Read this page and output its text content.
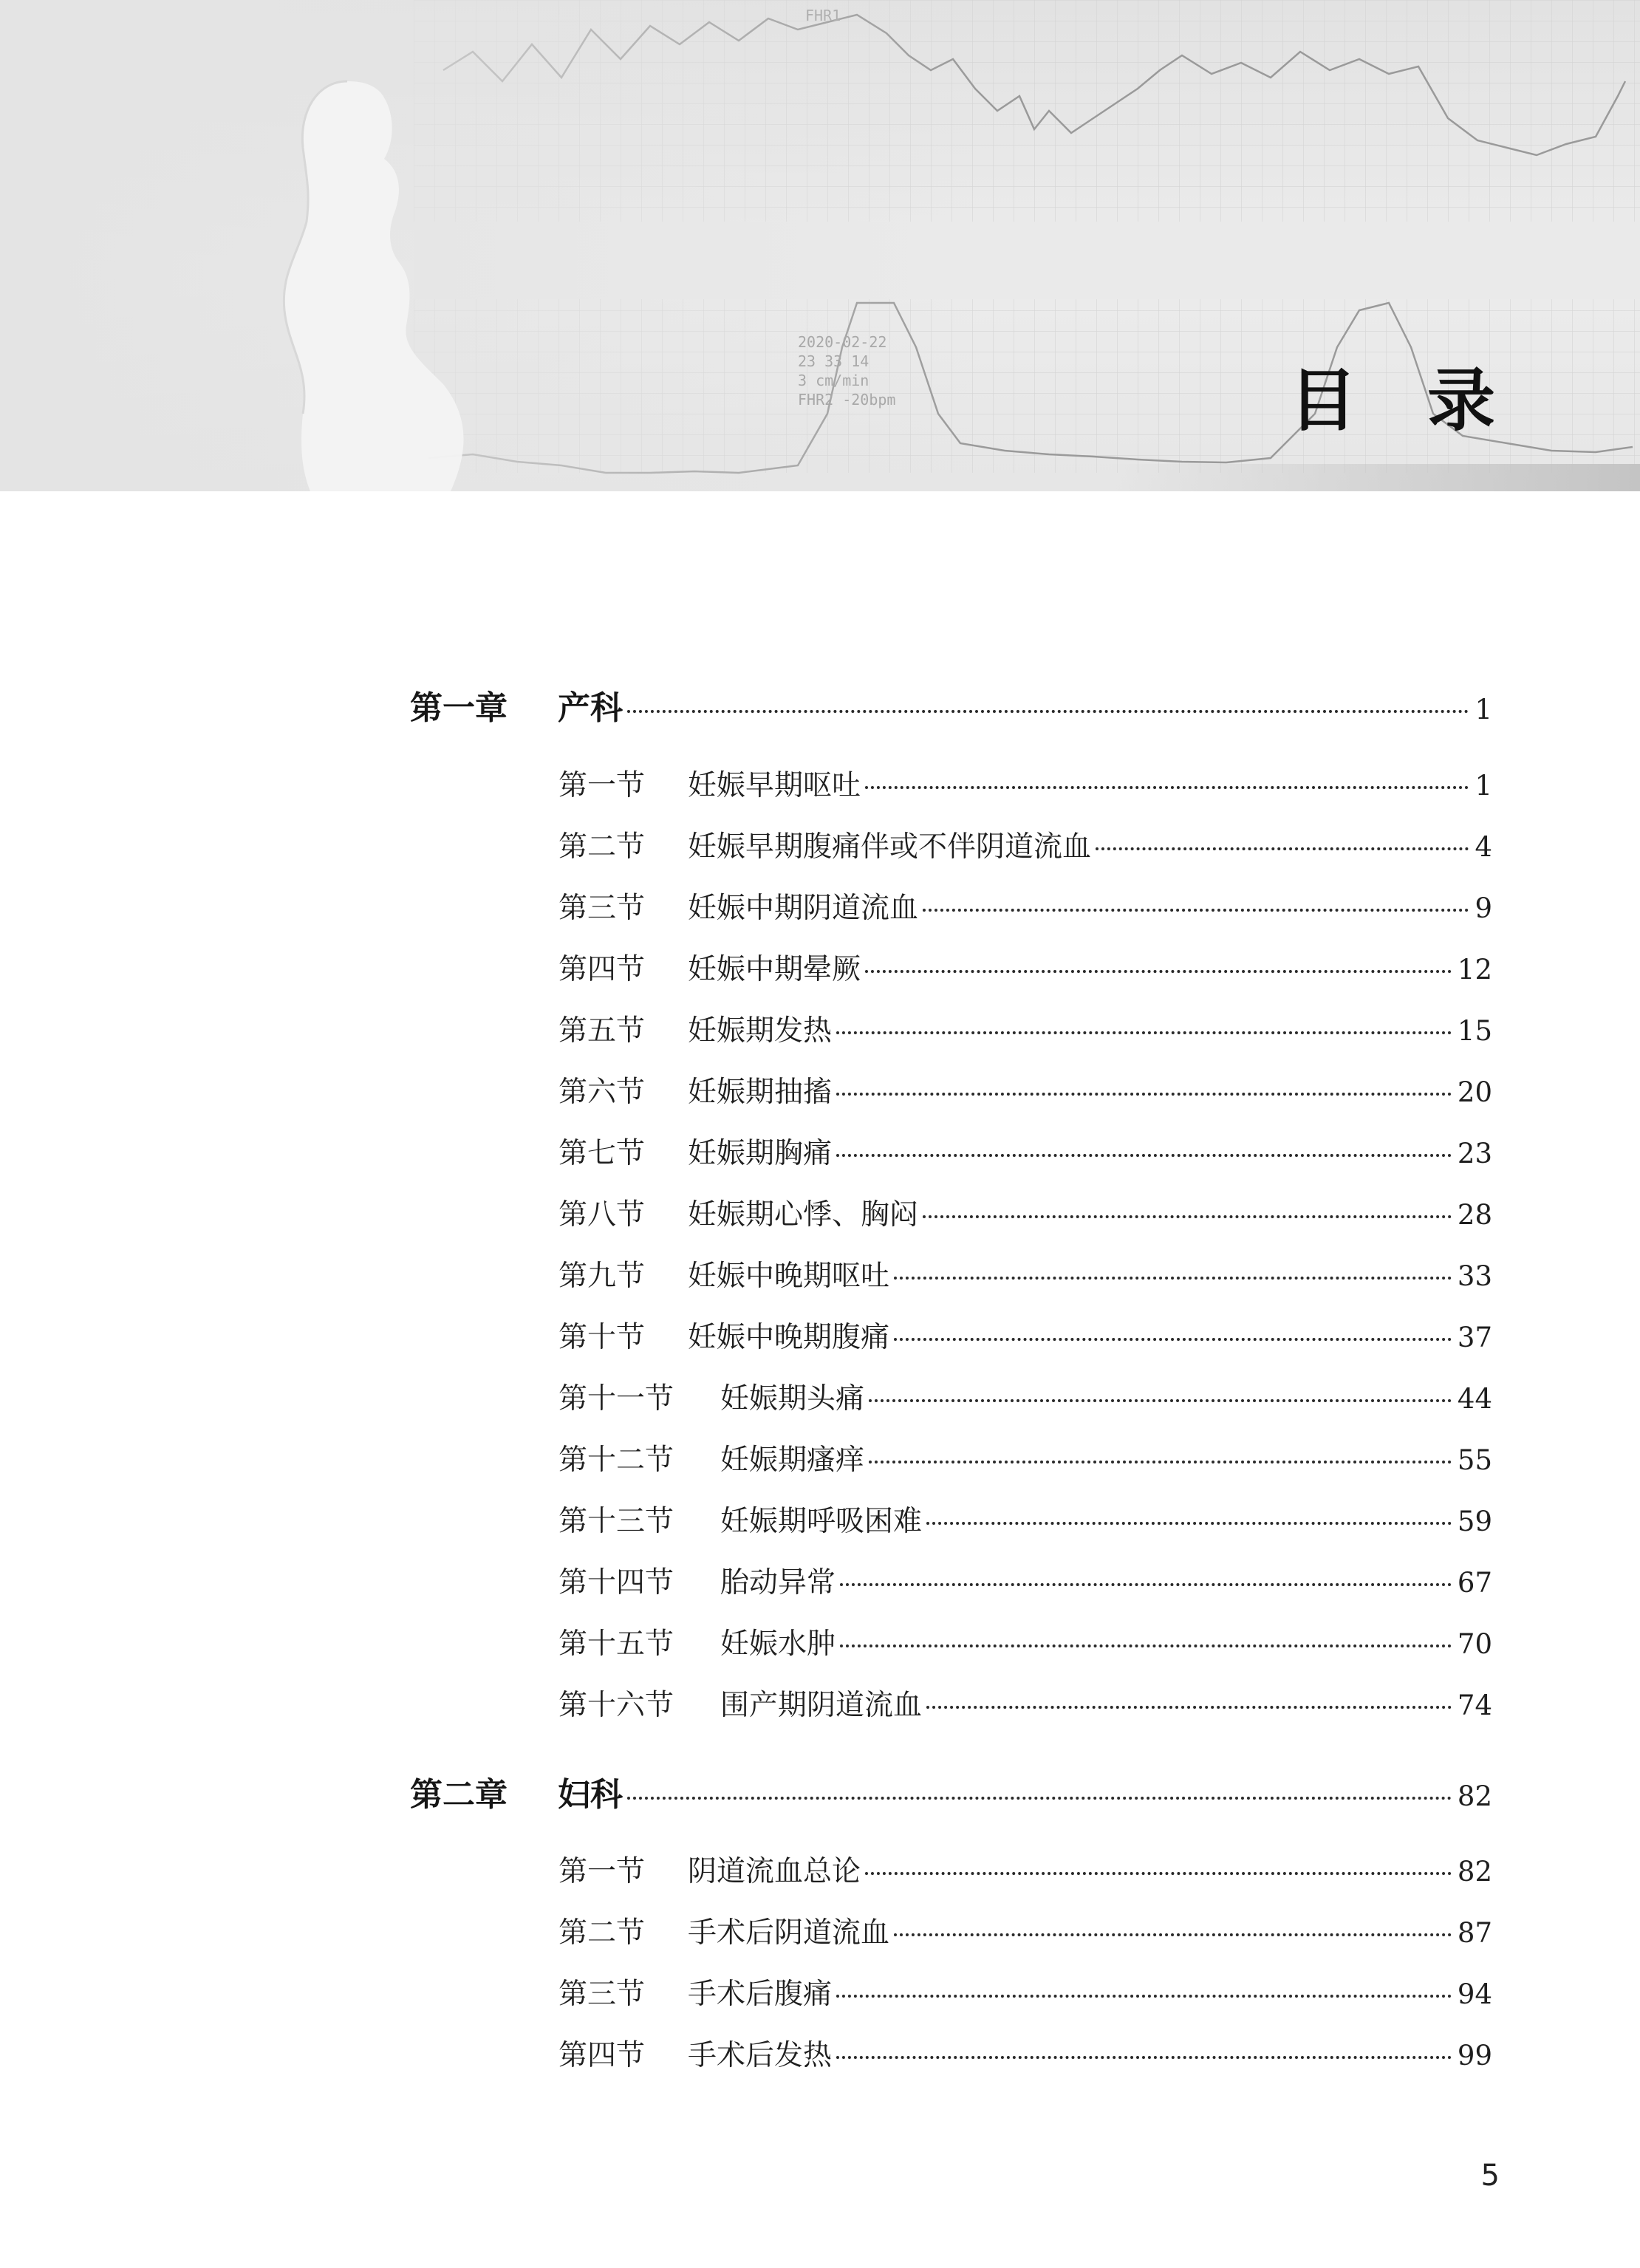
FHR1
2020-02-22
23 33 14
3 cm/min
FHR2 -20bpm	目 录
第一章	产科	1
第一节	妊娠早期呕吐	1
第二节	妊娠早期腹痛伴或不伴阴道流血	4
第三节	妊娠中期阴道流血	9
第四节	妊娠中期晕厥	12
第五节	妊娠期发热	15
第六节	妊娠期抽搐	20
第七节	妊娠期胸痛	23
第八节	妊娠期心悸、胸闷	28
第九节	妊娠中晚期呕吐	33
第十节	妊娠中晚期腹痛	37
第十一节	妊娠期头痛	44
第十二节	妊娠期瘙痒	55
第十三节	妊娠期呼吸困难	59
第十四节	胎动异常	67
第十五节	妊娠水肿	70
第十六节	围产期阴道流血	74
第二章	妇科	82
第一节	阴道流血总论	82
第二节	手术后阴道流血	87
第三节	手术后腹痛	94
第四节	手术后发热	99
5
